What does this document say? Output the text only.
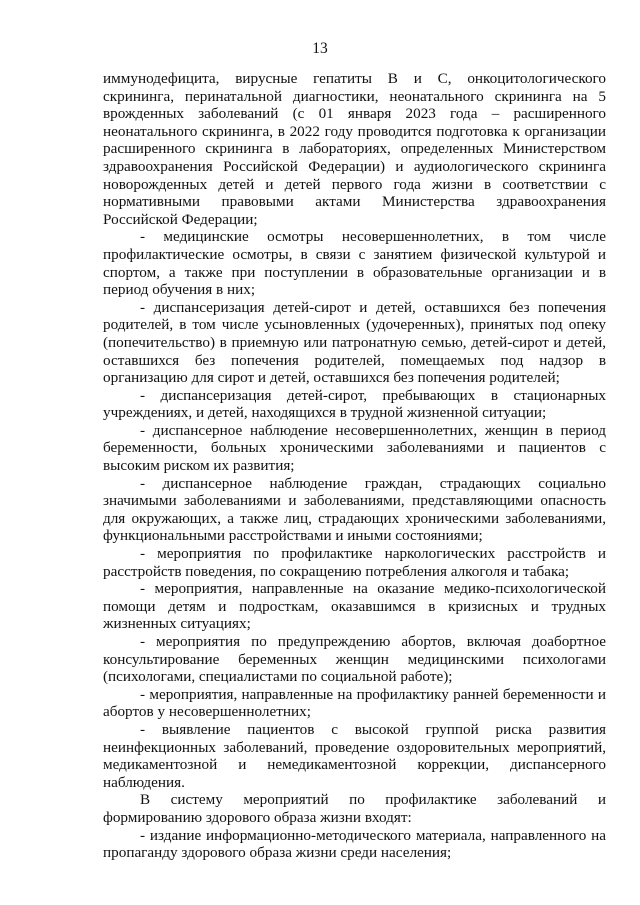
13

иммунодефицита, вирусные гепатиты В и С, онкоцитологического скрининга, перинатальной диагностики, неонатального скрининга на 5 врожденных заболеваний (с 01 января 2023 года – расширенного неонатального скрининга, в 2022 году проводится подготовка к организации расширенного скрининга в лабораториях, определенных Министерством здравоохранения Российской Федерации) и аудиологического скрининга новорожденных детей и детей первого года жизни в соответствии с нормативными правовыми актами Министерства здравоохранения Российской Федерации;

- медицинские осмотры несовершеннолетних, в том числе профилактические осмотры, в связи с занятием физической культурой и спортом, а также при поступлении в образовательные организации и в период обучения в них;

- диспансеризация детей-сирот и детей, оставшихся без попечения родителей, в том числе усыновленных (удочеренных), принятых под опеку (попечительство) в приемную или патронатную семью, детей-сирот и детей, оставшихся без попечения родителей, помещаемых под надзор в организацию для сирот и детей, оставшихся без попечения родителей;

- диспансеризация детей-сирот, пребывающих в стационарных учреждениях, и детей, находящихся в трудной жизненной ситуации;

- диспансерное наблюдение несовершеннолетних, женщин в период беременности, больных хроническими заболеваниями и пациентов с высоким риском их развития;

- диспансерное наблюдение граждан, страдающих социально значимыми заболеваниями и заболеваниями, представляющими опасность для окружающих, а также лиц, страдающих хроническими заболеваниями, функциональными расстройствами и иными состояниями;

- мероприятия по профилактике наркологических расстройств и расстройств поведения, по сокращению потребления алкоголя и табака;

- мероприятия, направленные на оказание медико-психологической помощи детям и подросткам, оказавшимся в кризисных и трудных жизненных ситуациях;

- мероприятия по предупреждению абортов, включая доабортное консультирование беременных женщин медицинскими психологами (психологами, специалистами по социальной работе);

- мероприятия, направленные на профилактику ранней беременности и абортов у несовершеннолетних;

- выявление пациентов с высокой группой риска развития неинфекционных заболеваний, проведение оздоровительных мероприятий, медикаментозной и немедикаментозной коррекции, диспансерного наблюдения.

В систему мероприятий по профилактике заболеваний и формированию здорового образа жизни входят:

- издание информационно-методического материала, направленного на пропаганду здорового образа жизни среди населения;
